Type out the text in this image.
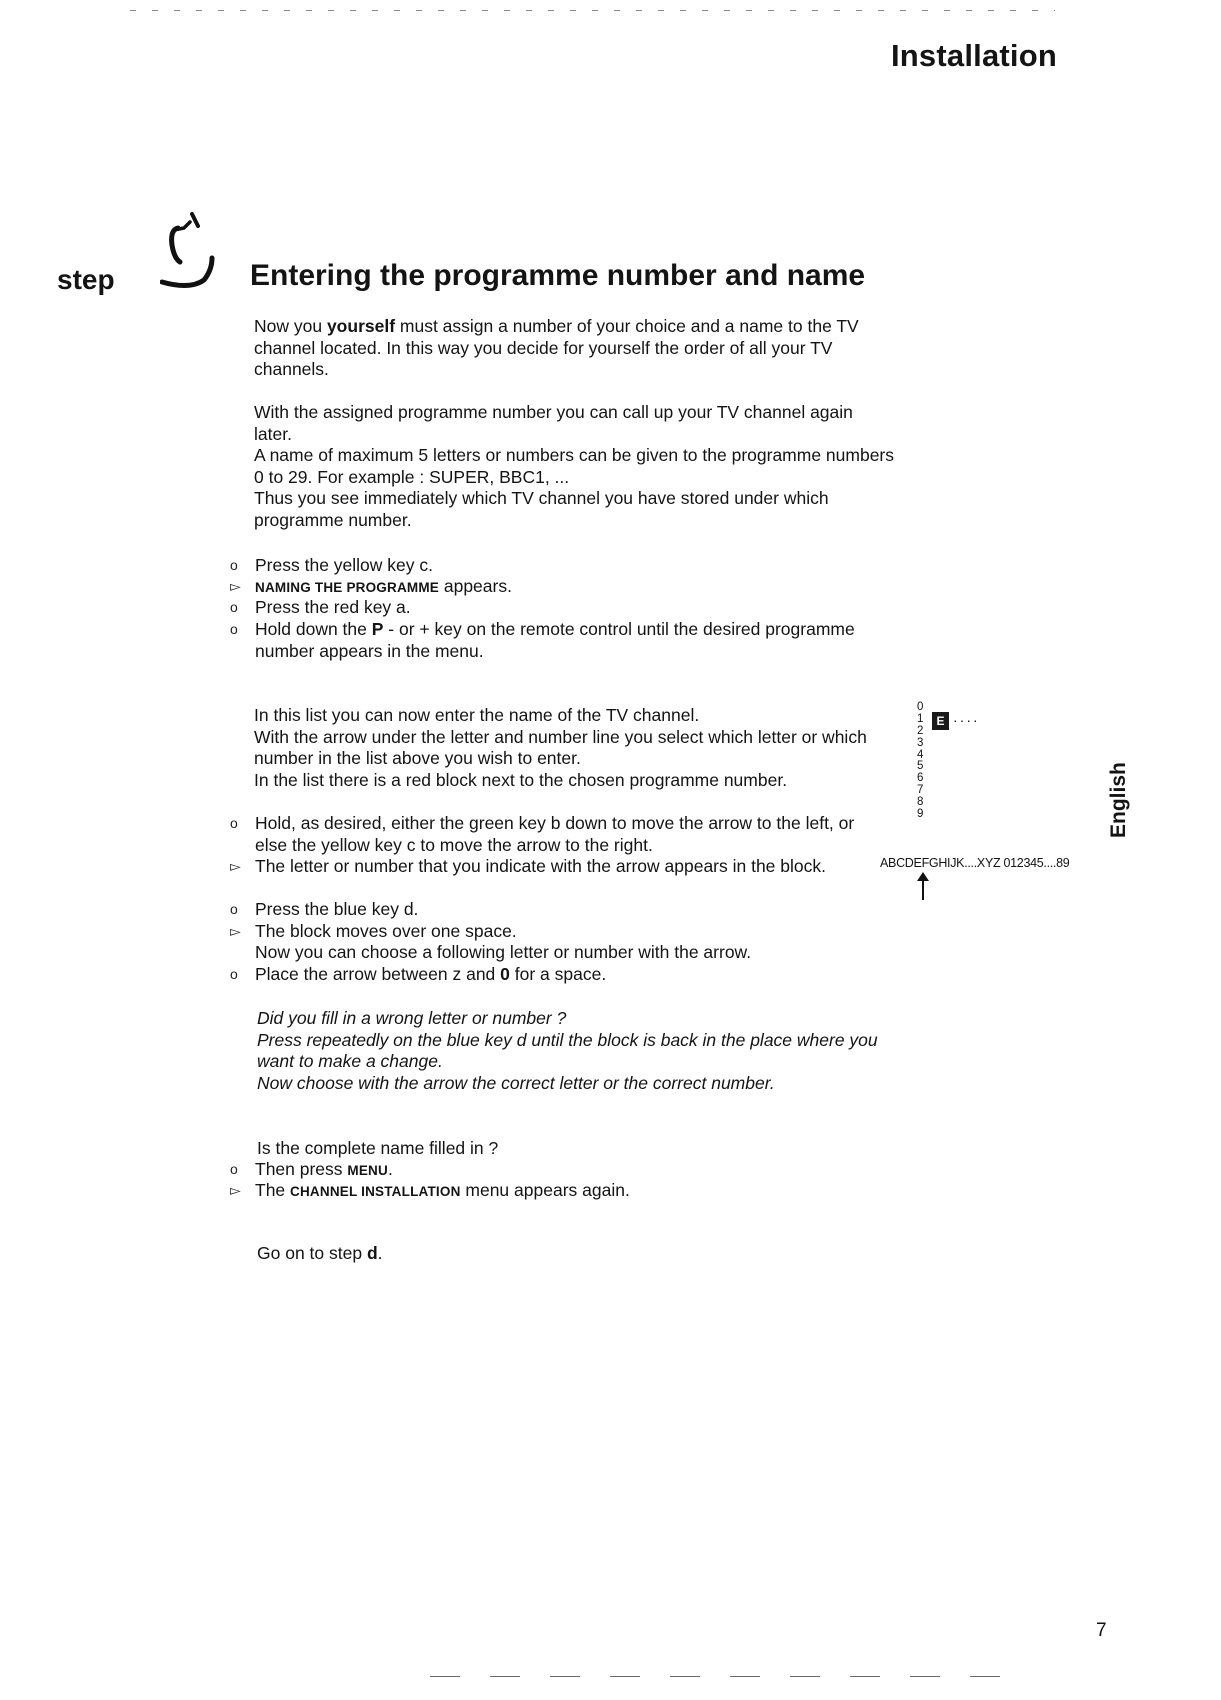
Installation
step	Entering the programme number and name

Now you yourself must assign a number of your choice and a name to the TV channel located. In this way you decide for yourself the order of all your TV channels.

With the assigned programme number you can call up your TV channel again later.

A name of maximum 5 letters or numbers can be given to the programme numbers 0 to 29. For example : SUPER, BBC1, ...

Thus you see immediately which TV channel you have stored under which programme number.

o Press the yellow key c.
▻	NAMING THE PROGRAMME appears.
o Press the red key a.
o Hold down the P - or + key on the remote control until the desired programme number appears in the menu.

In this list you can now enter the name of the TV channel.

With the arrow under the letter and number line you select which letter or which number in the list above you wish to enter.

In the list there is a red block next to the chosen programme number.

o Hold, as desired, either the green key b down to move the arrow to the left, or else the yellow key c to move the arrow to the right.
▻ The letter or number that you indicate with the arrow appears in the block.
o Press the blue key d.
▻ The block moves over one space.
Now you can choose a following letter or number with the arrow.
o Place the arrow between z and 0 for a space.

Did you fill in a wrong letter or number ?

Press repeatedly on the blue key d until the block is back in the place where you want to make a change.

Now choose with the arrow the correct letter or the correct number.

Is the complete name filled in ?
o Then press MENU.
▻ The CHANNEL INSTALLATION menu appears again.
Go on to step d.
0
1
2
3
4
5
6
7
8
9
E ····
ABCDEFGHIJK....XYZ 012345....89
English
7
